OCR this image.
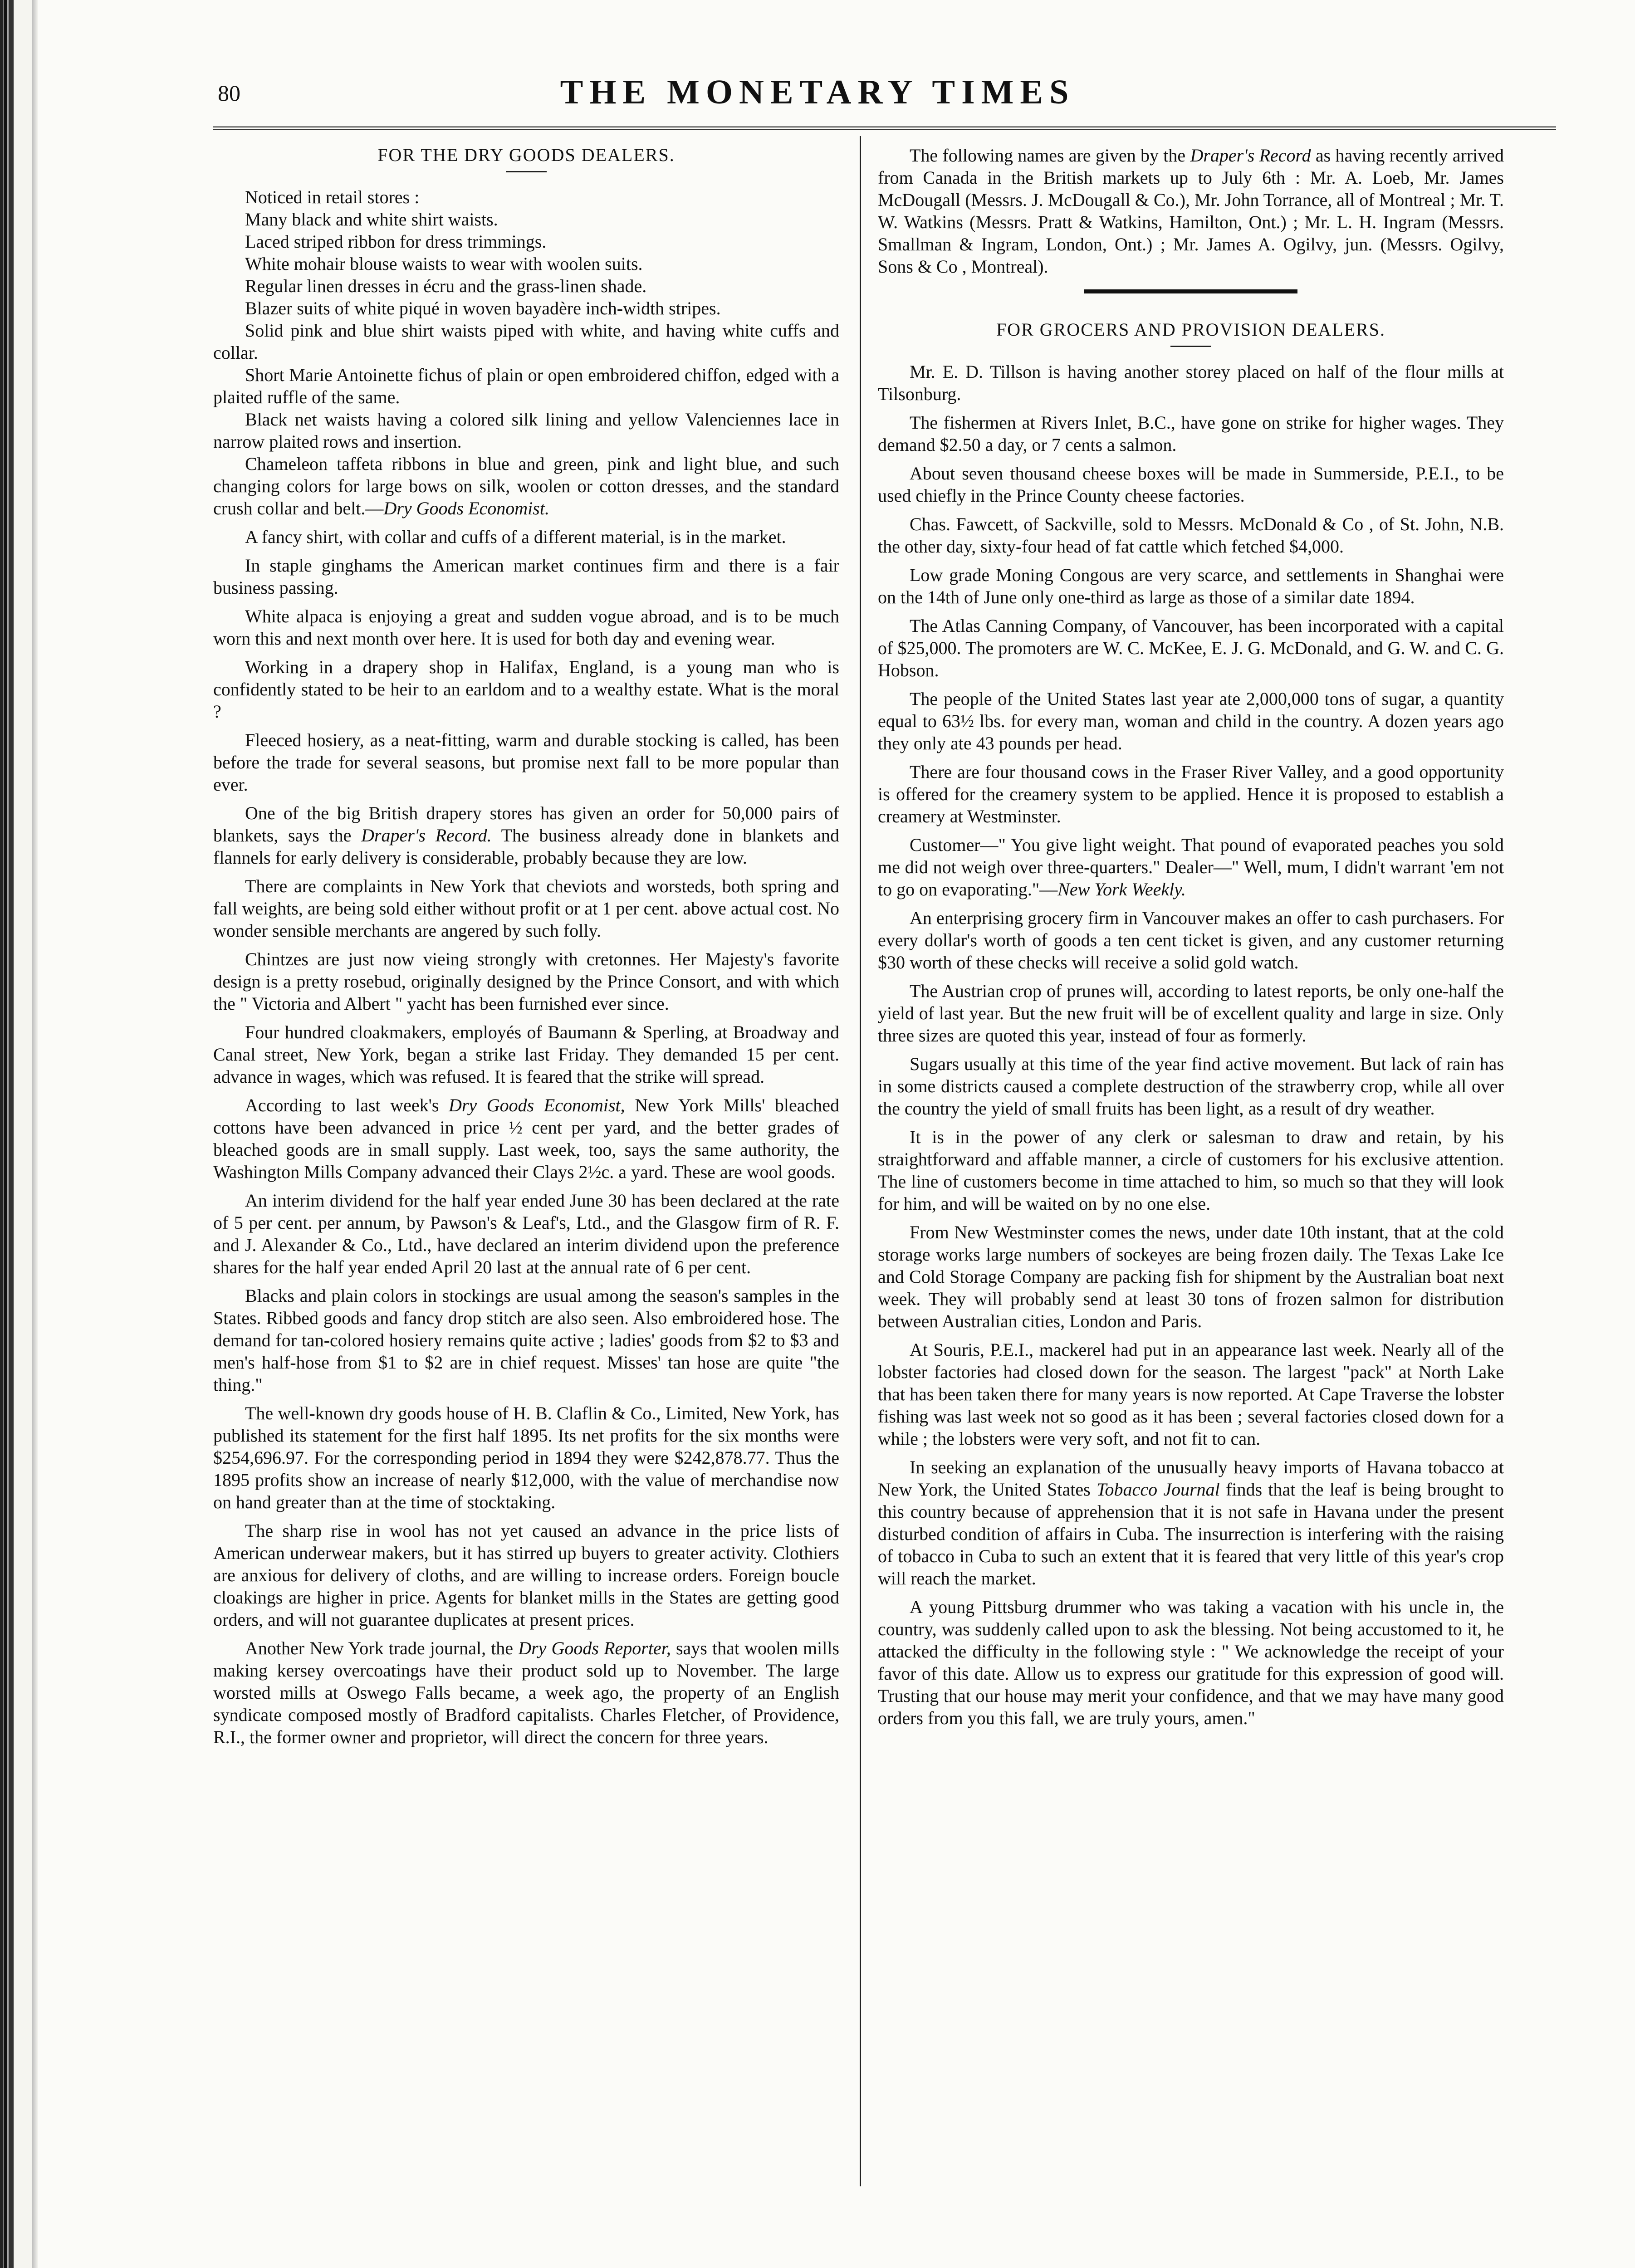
80	THE MONETARY TIMES
FOR THE DRY GOODS DEALERS.

Noticed in retail stores :

Many black and white shirt waists.

Laced striped ribbon for dress trimmings.

White mohair blouse waists to wear with woolen suits.

Regular linen dresses in écru and the grass-linen shade.

Blazer suits of white piqué in woven bayadère inch-width stripes.

Solid pink and blue shirt waists piped with white, and having white cuffs and collar.

Short Marie Antoinette fichus of plain or open embroidered chiffon, edged with a plaited ruffle of the same.

Black net waists having a colored silk lining and yellow Valenciennes lace in narrow plaited rows and insertion.

Chameleon taffeta ribbons in blue and green, pink and light blue, and such changing colors for large bows on silk, woolen or cotton dresses, and the standard crush collar and belt.—Dry Goods Economist.

A fancy shirt, with collar and cuffs of a different material, is in the market.

In staple ginghams the American market continues firm and there is a fair business passing.

White alpaca is enjoying a great and sudden vogue abroad, and is to be much worn this and next month over here. It is used for both day and evening wear.

Working in a drapery shop in Halifax, England, is a young man who is confidently stated to be heir to an earldom and to a wealthy estate. What is the moral ?

Fleeced hosiery, as a neat-fitting, warm and durable stocking is called, has been before the trade for several seasons, but promise next fall to be more popular than ever.

One of the big British drapery stores has given an order for 50,000 pairs of blankets, says the Draper's Record. The business already done in blankets and flannels for early delivery is considerable, probably because they are low.

There are complaints in New York that cheviots and worsteds, both spring and fall weights, are being sold either without profit or at 1 per cent. above actual cost. No wonder sensible merchants are angered by such folly.

Chintzes are just now vieing strongly with cretonnes. Her Majesty's favorite design is a pretty rosebud, originally designed by the Prince Consort, and with which the " Victoria and Albert " yacht has been furnished ever since.

Four hundred cloakmakers, employés of Baumann & Sperling, at Broadway and Canal street, New York, began a strike last Friday. They demanded 15 per cent. advance in wages, which was refused. It is feared that the strike will spread.

According to last week's Dry Goods Economist, New York Mills' bleached cottons have been advanced in price ½ cent per yard, and the better grades of bleached goods are in small supply. Last week, too, says the same authority, the Washington Mills Company advanced their Clays 2½c. a yard. These are wool goods.

An interim dividend for the half year ended June 30 has been declared at the rate of 5 per cent. per annum, by Pawson's & Leaf's, Ltd., and the Glasgow firm of R. F. and J. Alexander & Co., Ltd., have declared an interim dividend upon the preference shares for the half year ended April 20 last at the annual rate of 6 per cent.

Blacks and plain colors in stockings are usual among the season's samples in the States. Ribbed goods and fancy drop stitch are also seen. Also embroidered hose. The demand for tan-colored hosiery remains quite active ; ladies' goods from $2 to $3 and men's half-hose from $1 to $2 are in chief request. Misses' tan hose are quite "the thing."

The well-known dry goods house of H. B. Claflin & Co., Limited, New York, has published its statement for the first half 1895. Its net profits for the six months were $254,696.97. For the corresponding period in 1894 they were $242,878.77. Thus the 1895 profits show an increase of nearly $12,000, with the value of merchandise now on hand greater than at the time of stocktaking.

The sharp rise in wool has not yet caused an advance in the price lists of American underwear makers, but it has stirred up buyers to greater activity. Clothiers are anxious for delivery of cloths, and are willing to increase orders. Foreign boucle cloakings are higher in price. Agents for blanket mills in the States are getting good orders, and will not guarantee duplicates at present prices.

Another New York trade journal, the Dry Goods Reporter, says that woolen mills making kersey overcoatings have their product sold up to November. The large worsted mills at Oswego Falls became, a week ago, the property of an English syndicate composed mostly of Bradford capitalists. Charles Fletcher, of Providence, R.I., the former owner and proprietor, will direct the concern for three years.

The following names are given by the Draper's Record as having recently arrived from Canada in the British markets up to July 6th : Mr. A. Loeb, Mr. James McDougall (Messrs. J. McDougall & Co.), Mr. John Torrance, all of Montreal ; Mr. T. W. Watkins (Messrs. Pratt & Watkins, Hamilton, Ont.) ; Mr. L. H. Ingram (Messrs. Smallman & Ingram, London, Ont.) ; Mr. James A. Ogilvy, jun. (Messrs. Ogilvy, Sons & Co , Montreal).

FOR GROCERS AND PROVISION DEALERS.

Mr. E. D. Tillson is having another storey placed on half of the flour mills at Tilsonburg.

The fishermen at Rivers Inlet, B.C., have gone on strike for higher wages. They demand $2.50 a day, or 7 cents a salmon.

About seven thousand cheese boxes will be made in Summerside, P.E.I., to be used chiefly in the Prince County cheese factories.

Chas. Fawcett, of Sackville, sold to Messrs. McDonald & Co , of St. John, N.B. the other day, sixty-four head of fat cattle which fetched $4,000.

Low grade Moning Congous are very scarce, and settlements in Shanghai were on the 14th of June only one-third as large as those of a similar date 1894.

The Atlas Canning Company, of Vancouver, has been incorporated with a capital of $25,000. The promoters are W. C. McKee, E. J. G. McDonald, and G. W. and C. G. Hobson.

The people of the United States last year ate 2,000,000 tons of sugar, a quantity equal to 63½ lbs. for every man, woman and child in the country. A dozen years ago they only ate 43 pounds per head.

There are four thousand cows in the Fraser River Valley, and a good opportunity is offered for the creamery system to be applied. Hence it is proposed to establish a creamery at Westminster.

Customer—" You give light weight. That pound of evaporated peaches you sold me did not weigh over three-quarters." Dealer—" Well, mum, I didn't warrant 'em not to go on evaporating."—New York Weekly.

An enterprising grocery firm in Vancouver makes an offer to cash purchasers. For every dollar's worth of goods a ten cent ticket is given, and any customer returning $30 worth of these checks will receive a solid gold watch.

The Austrian crop of prunes will, according to latest reports, be only one-half the yield of last year. But the new fruit will be of excellent quality and large in size. Only three sizes are quoted this year, instead of four as formerly.

Sugars usually at this time of the year find active movement. But lack of rain has in some districts caused a complete destruction of the strawberry crop, while all over the country the yield of small fruits has been light, as a result of dry weather.

It is in the power of any clerk or salesman to draw and retain, by his straightforward and affable manner, a circle of customers for his exclusive attention. The line of customers become in time attached to him, so much so that they will look for him, and will be waited on by no one else.

From New Westminster comes the news, under date 10th instant, that at the cold storage works large numbers of sockeyes are being frozen daily. The Texas Lake Ice and Cold Storage Company are packing fish for shipment by the Australian boat next week. They will probably send at least 30 tons of frozen salmon for distribution between Australian cities, London and Paris.

At Souris, P.E.I., mackerel had put in an appearance last week. Nearly all of the lobster factories had closed down for the season. The largest "pack" at North Lake that has been taken there for many years is now reported. At Cape Traverse the lobster fishing was last week not so good as it has been ; several factories closed down for a while ; the lobsters were very soft, and not fit to can.

In seeking an explanation of the unusually heavy imports of Havana tobacco at New York, the United States Tobacco Journal finds that the leaf is being brought to this country because of apprehension that it is not safe in Havana under the present disturbed condition of affairs in Cuba. The insurrection is interfering with the raising of tobacco in Cuba to such an extent that it is feared that very little of this year's crop will reach the market.

A young Pittsburg drummer who was taking a vacation with his uncle in, the country, was suddenly called upon to ask the blessing. Not being accustomed to it, he attacked the difficulty in the following style : " We acknowledge the receipt of your favor of this date. Allow us to express our gratitude for this expression of good will. Trusting that our house may merit your confidence, and that we may have many good orders from you this fall, we are truly yours, amen."
